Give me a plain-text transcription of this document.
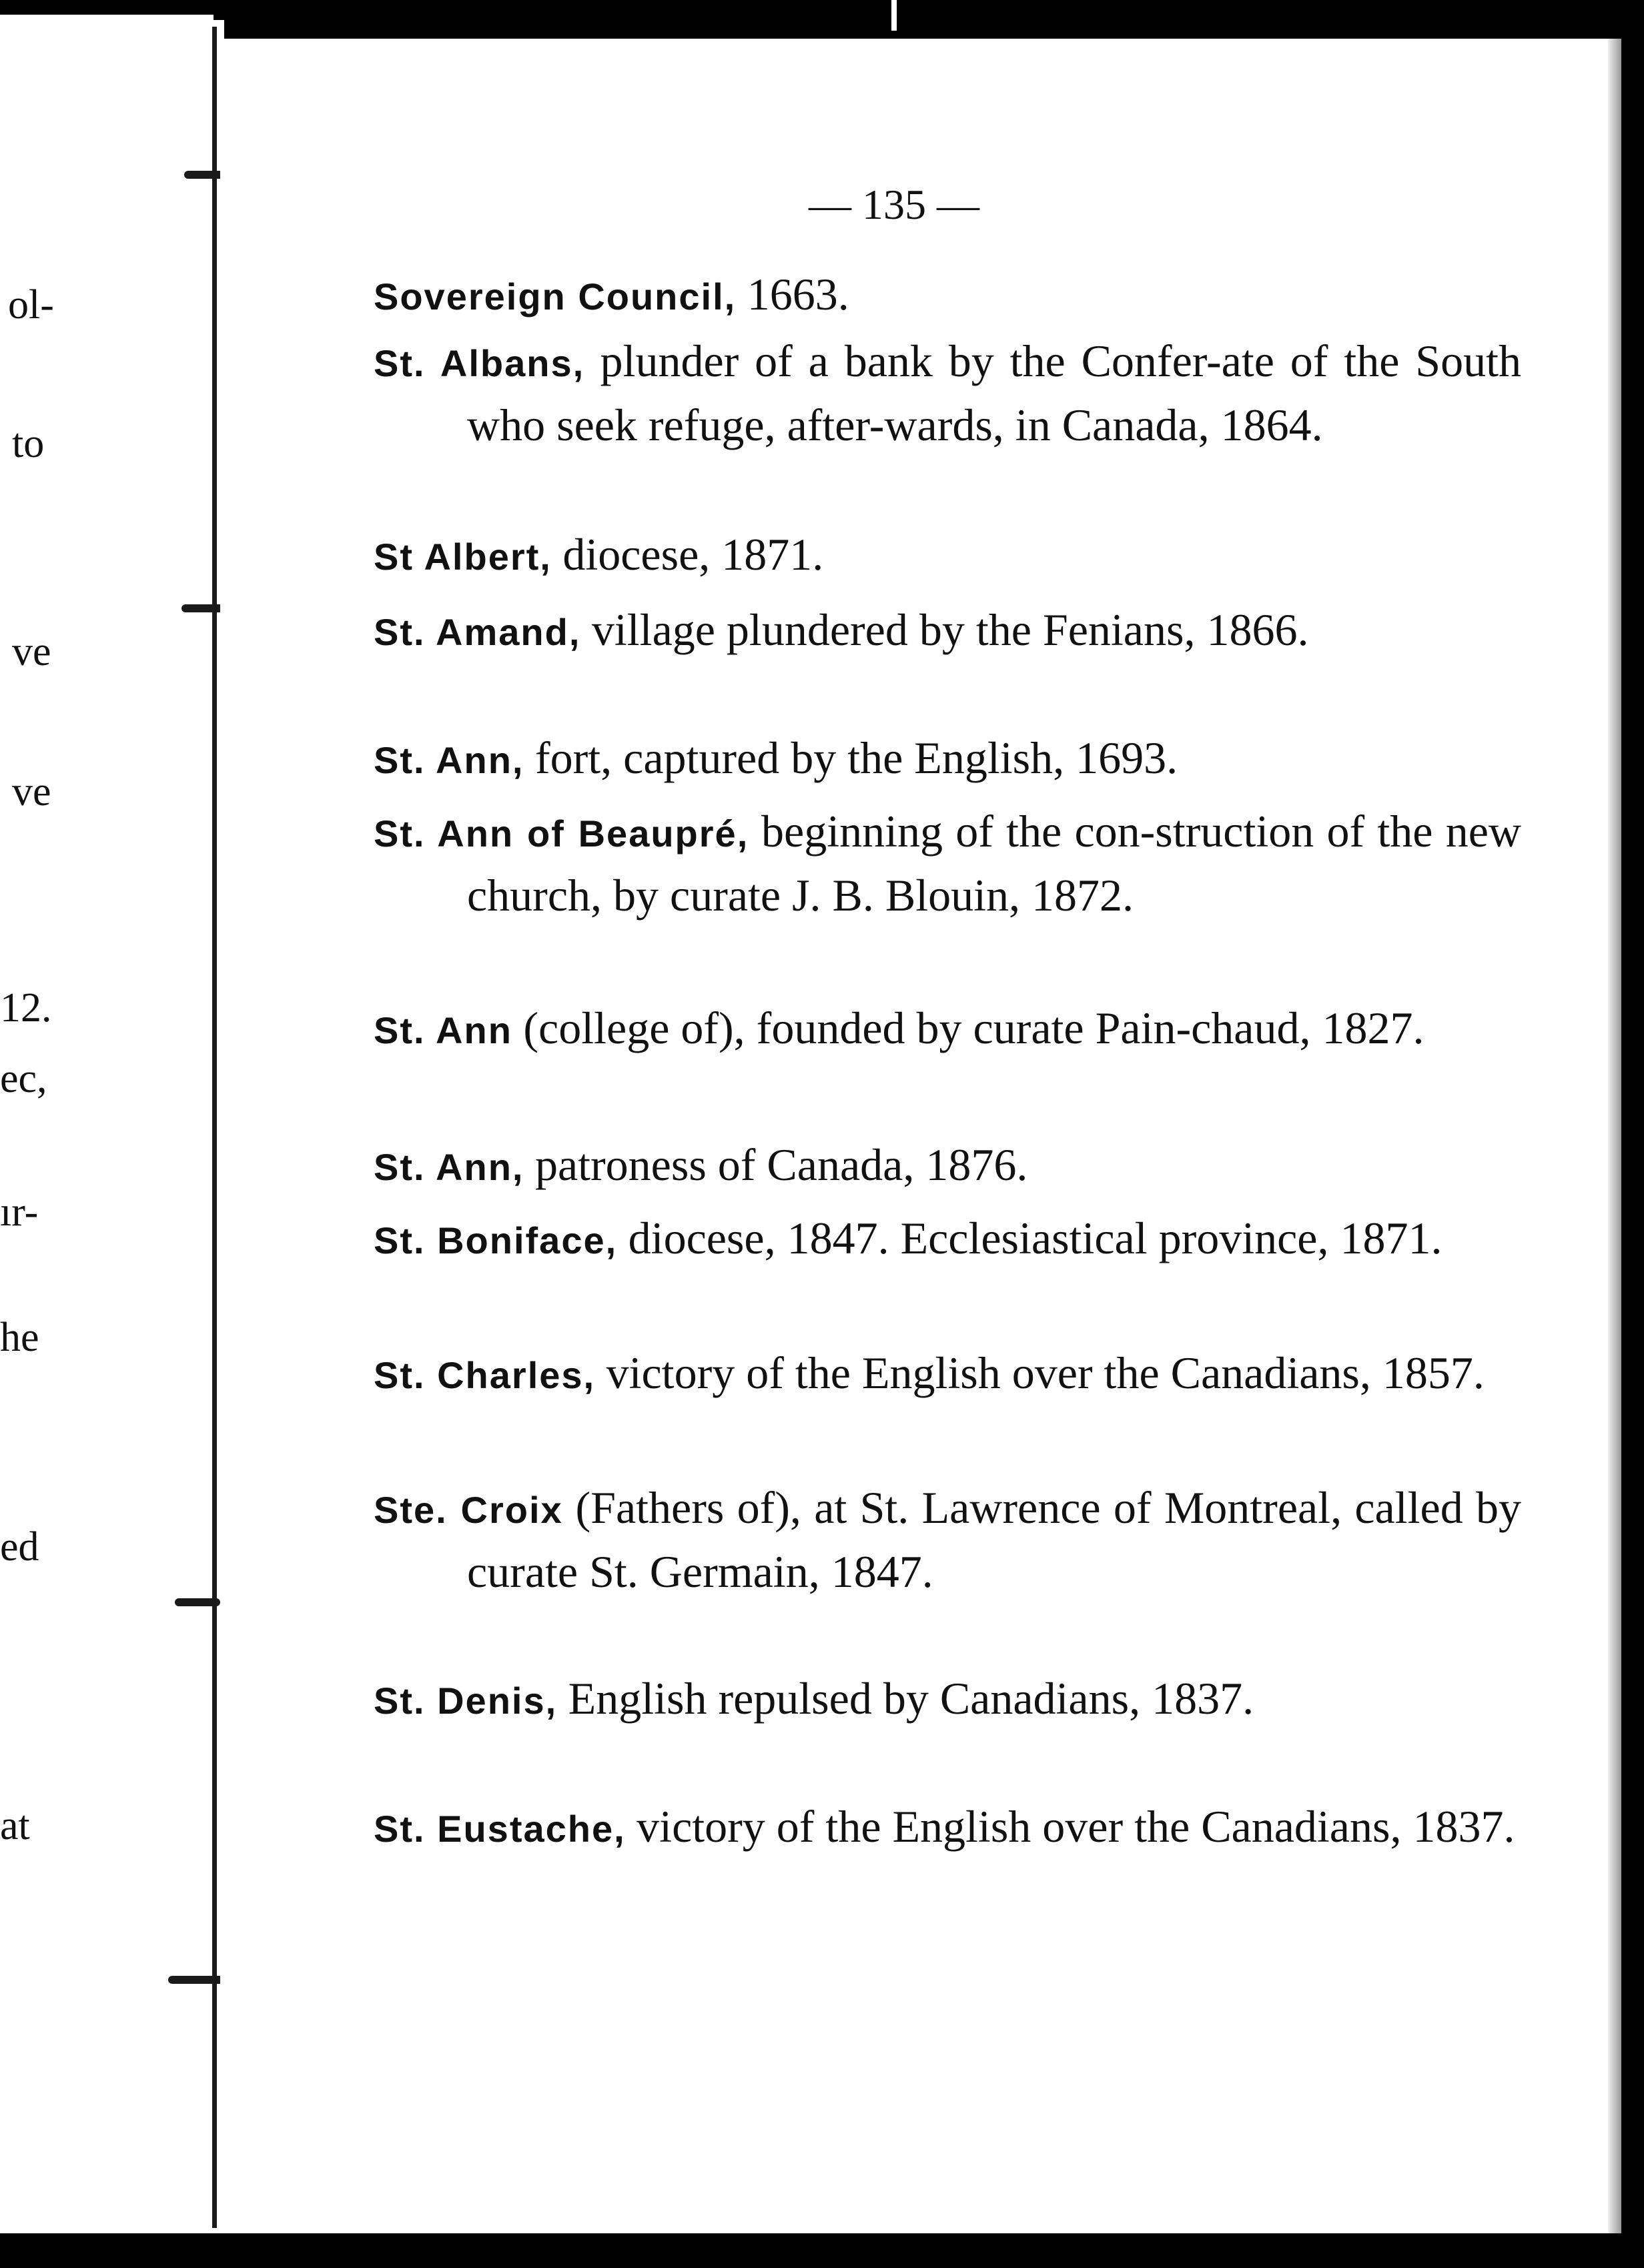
ol-
to
ve
ve
12.
ec,
ır-
he
ed
at
— 135 —
Sovereign Council, 1663.
St. Albans, plunder of a bank by the Confer-ate of the South who seek refuge, after-wards, in Canada, 1864.
St Albert, diocese, 1871.
St. Amand, village plundered by the Fenians, 1866.
St. Ann, fort, captured by the English, 1693.
St. Ann of Beaupré, beginning of the con-struction of the new church, by curate J. B. Blouin, 1872.
St. Ann (college of), founded by curate Pain-chaud, 1827.
St. Ann, patroness of Canada, 1876.
St. Boniface, diocese, 1847. Ecclesiastical province, 1871.
St. Charles, victory of the English over the Canadians, 1857.
Ste. Croix (Fathers of), at St. Lawrence of Montreal, called by curate St. Germain, 1847.
St. Denis, English repulsed by Canadians, 1837.
St. Eustache, victory of the English over the Canadians, 1837.
